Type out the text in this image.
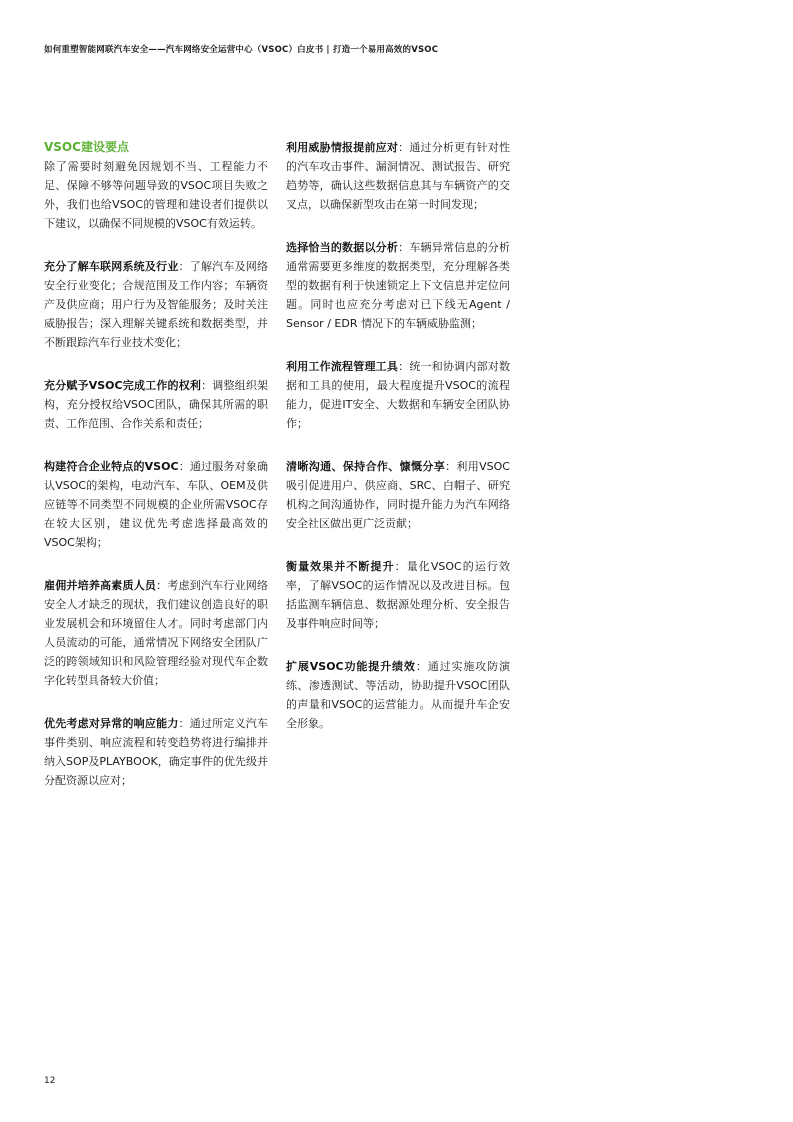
如何重塑智能网联汽车安全——汽车网络安全运营中心（VSOC）白皮书 | 打造一个易用高效的VSOC
VSOC建设要点

除了需要时刻避免因规划不当、工程能力不足、保障不够等问题导致的VSOC项目失败之外，我们也给VSOC的管理和建设者们提供以下建议，以确保不同规模的VSOC有效运转。

充分了解车联网系统及行业：了解汽车及网络安全行业变化；合规范围及工作内容；车辆资产及供应商；用户行为及智能服务；及时关注威胁报告；深入理解关键系统和数据类型，并不断跟踪汽车行业技术变化；

充分赋予VSOC完成工作的权利：调整组织架构，充分授权给VSOC团队，确保其所需的职责、工作范围、合作关系和责任；

构建符合企业特点的VSOC：通过服务对象确认VSOC的架构，电动汽车、车队、OEM及供应链等不同类型不同规模的企业所需VSOC存在较大区别，建议优先考虑选择最高效的VSOC架构；

雇佣并培养高素质人员：考虑到汽车行业网络安全人才缺乏的现状，我们建议创造良好的职业发展机会和环境留住人才。同时考虑部门内人员流动的可能，通常情况下网络安全团队广泛的跨领域知识和风险管理经验对现代车企数字化转型具备较大价值；

优先考虑对异常的响应能力：通过所定义汽车事件类别、响应流程和转变趋势将进行编排并纳入SOP及PLAYBOOK，确定事件的优先级并分配资源以应对；

利用威胁情报提前应对：通过分析更有针对性的汽车攻击事件、漏洞情况、测试报告、研究趋势等，确认这些数据信息其与车辆资产的交叉点，以确保新型攻击在第一时间发现；

选择恰当的数据以分析：车辆异常信息的分析通常需要更多维度的数据类型，充分理解各类型的数据有利于快速锁定上下文信息并定位问题。同时也应充分考虑对已下线无Agent / Sensor / EDR 情况下的车辆威胁监测；

利用工作流程管理工具：统一和协调内部对数据和工具的使用，最大程度提升VSOC的流程能力，促进IT安全、大数据和车辆安全团队协作；

清晰沟通、保持合作、慷慨分享：利用VSOC吸引促进用户、供应商、SRC、白帽子、研究机构之间沟通协作，同时提升能力为汽车网络安全社区做出更广泛贡献；

衡量效果并不断提升：量化VSOC的运行效率，了解VSOC的运作情况以及改进目标。包括监测车辆信息、数据源处理分析、安全报告及事件响应时间等；

扩展VSOC功能提升绩效：通过实施攻防演练、渗透测试、等活动，协助提升VSOC团队的声量和VSOC的运营能力。从而提升车企安全形象。

12
